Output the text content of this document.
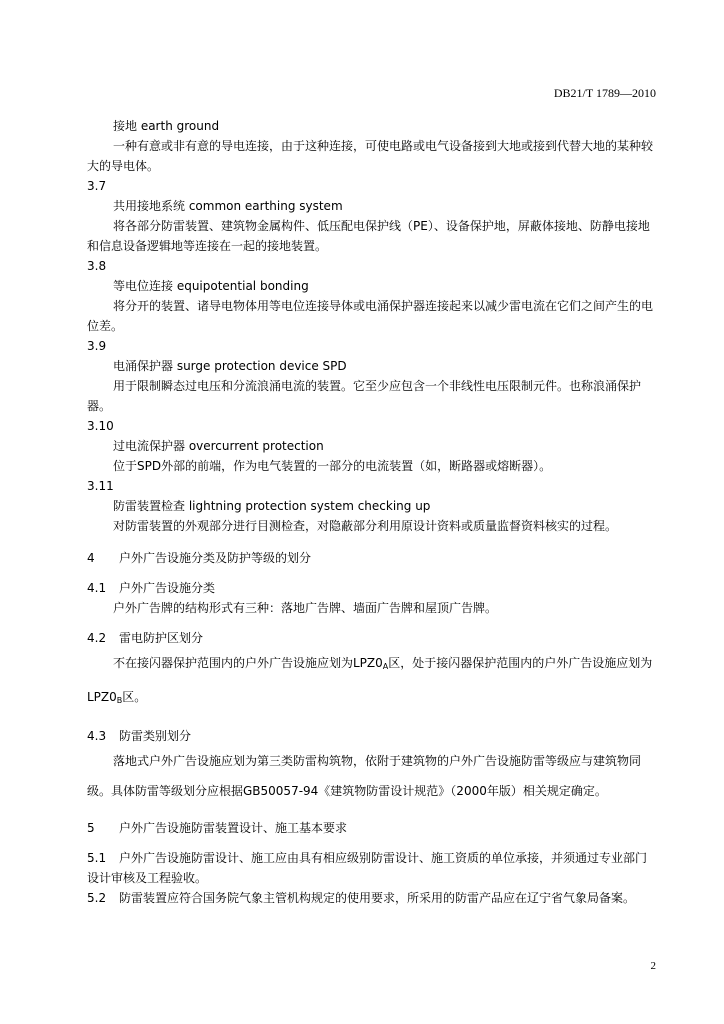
DB21/T 1789—2010

接地 earth ground

一种有意或非有意的导电连接，由于这种连接，可使电路或电气设备接到大地或接到代替大地的某种较大的导电体。

3.7

共用接地系统 common earthing system

将各部分防雷装置、建筑物金属构件、低压配电保护线（PE）、设备保护地，屏蔽体接地、防静电接地和信息设备逻辑地等连接在一起的接地装置。

3.8

等电位连接 equipotential bonding

将分开的装置、诸导电物体用等电位连接导体或电涌保护器连接起来以减少雷电流在它们之间产生的电位差。

3.9

电涌保护器 surge protection device SPD

用于限制瞬态过电压和分流浪涌电流的装置。它至少应包含一个非线性电压限制元件。也称浪涌保护器。

3.10

过电流保护器 overcurrent protection

位于SPD外部的前端，作为电气装置的一部分的电流装置（如，断路器或熔断器）。

3.11

防雷装置检查 lightning protection system checking up

对防雷装置的外观部分进行目测检查，对隐蔽部分利用原设计资料或质量监督资料核实的过程。

4 户外广告设施分类及防护等级的划分

4.1 户外广告设施分类

户外广告牌的结构形式有三种：落地广告牌、墙面广告牌和屋顶广告牌。

4.2 雷电防护区划分

不在接闪器保护范围内的户外广告设施应划为$LPZ0_A$区，处于接闪器保护范围内的户外广告设施应划为$LPZ0_B$区。

4.3 防雷类别划分

落地式户外广告设施应划为第三类防雷构筑物，依附于建筑物的户外广告设施防雷等级应与建筑物同级。具体防雷等级划分应根据GB50057-94《建筑物防雷设计规范》（2000年版）相关规定确定。

5 户外广告设施防雷装置设计、施工基本要求

5.1 户外广告设施防雷设计、施工应由具有相应级别防雷设计、施工资质的单位承接，并须通过专业部门设计审核及工程验收。

5.2 防雷装置应符合国务院气象主管机构规定的使用要求，所采用的防雷产品应在辽宁省气象局备案。

2
